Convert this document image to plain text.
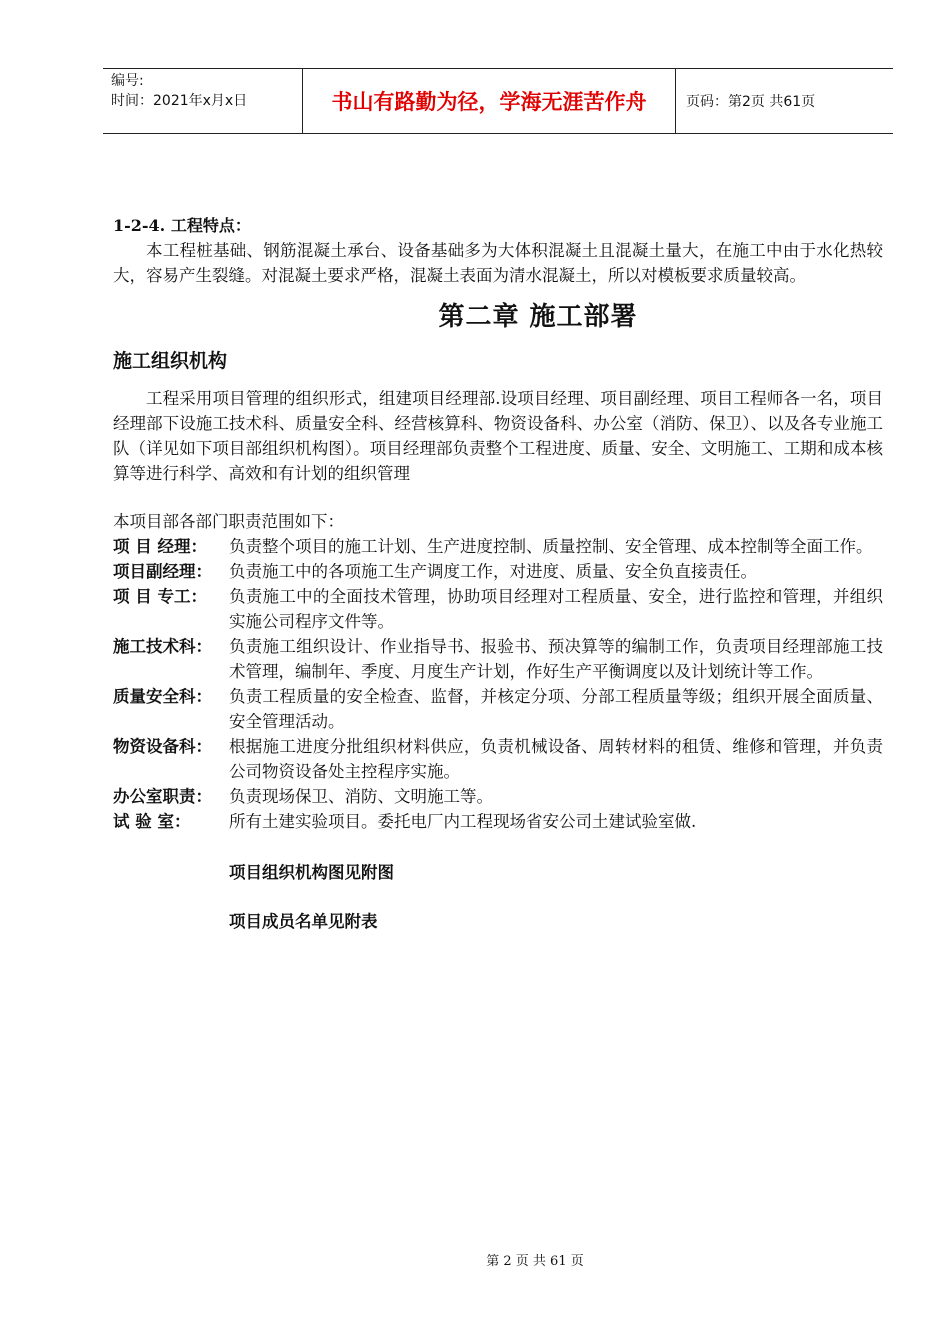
编号:
时间：2021年x月x日	书山有路勤为径，学海无涯苦作舟	页码：第2页 共61页

1-2-4. 工程特点：

本工程桩基础、钢筋混凝土承台、设备基础多为大体积混凝土且混凝土量大，在施工中由于水化热较大，容易产生裂缝。对混凝土要求严格，混凝土表面为清水混凝土，所以对模板要求质量较高。

第二章 施工部署

施工组织机构

工程采用项目管理的组织形式，组建项目经理部.设项目经理、项目副经理、项目工程师各一名，项目经理部下设施工技术科、质量安全科、经营核算科、物资设备科、办公室（消防、保卫）、以及各专业施工队（详见如下项目部组织机构图）。项目经理部负责整个工程进度、质量、安全、文明施工、工期和成本核算等进行科学、高效和有计划的组织管理

本项目部各部门职责范围如下：

项 目 经理：	负责整个项目的施工计划、生产进度控制、质量控制、安全管理、成本控制等全面工作。
项目副经理：	负责施工中的各项施工生产调度工作，对进度、质量、安全负直接责任。
项 目 专工：	负责施工中的全面技术管理，协助项目经理对工程质量、安全，进行监控和管理，并组织实施公司程序文件等。
施工技术科：	负责施工组织设计、作业指导书、报验书、预决算等的编制工作，负责项目经理部施工技术管理，编制年、季度、月度生产计划，作好生产平衡调度以及计划统计等工作。
质量安全科：	负责工程质量的安全检查、监督，并核定分项、分部工程质量等级；组织开展全面质量、安全管理活动。
物资设备科：	根据施工进度分批组织材料供应，负责机械设备、周转材料的租赁、维修和管理，并负责公司物资设备处主控程序实施。
办公室职责：	负责现场保卫、消防、文明施工等。
试 验 室：	所有土建实验项目。委托电厂内工程现场省安公司土建试验室做.

项目组织机构图见附图

项目成员名单见附表

第 2 页 共 61 页
